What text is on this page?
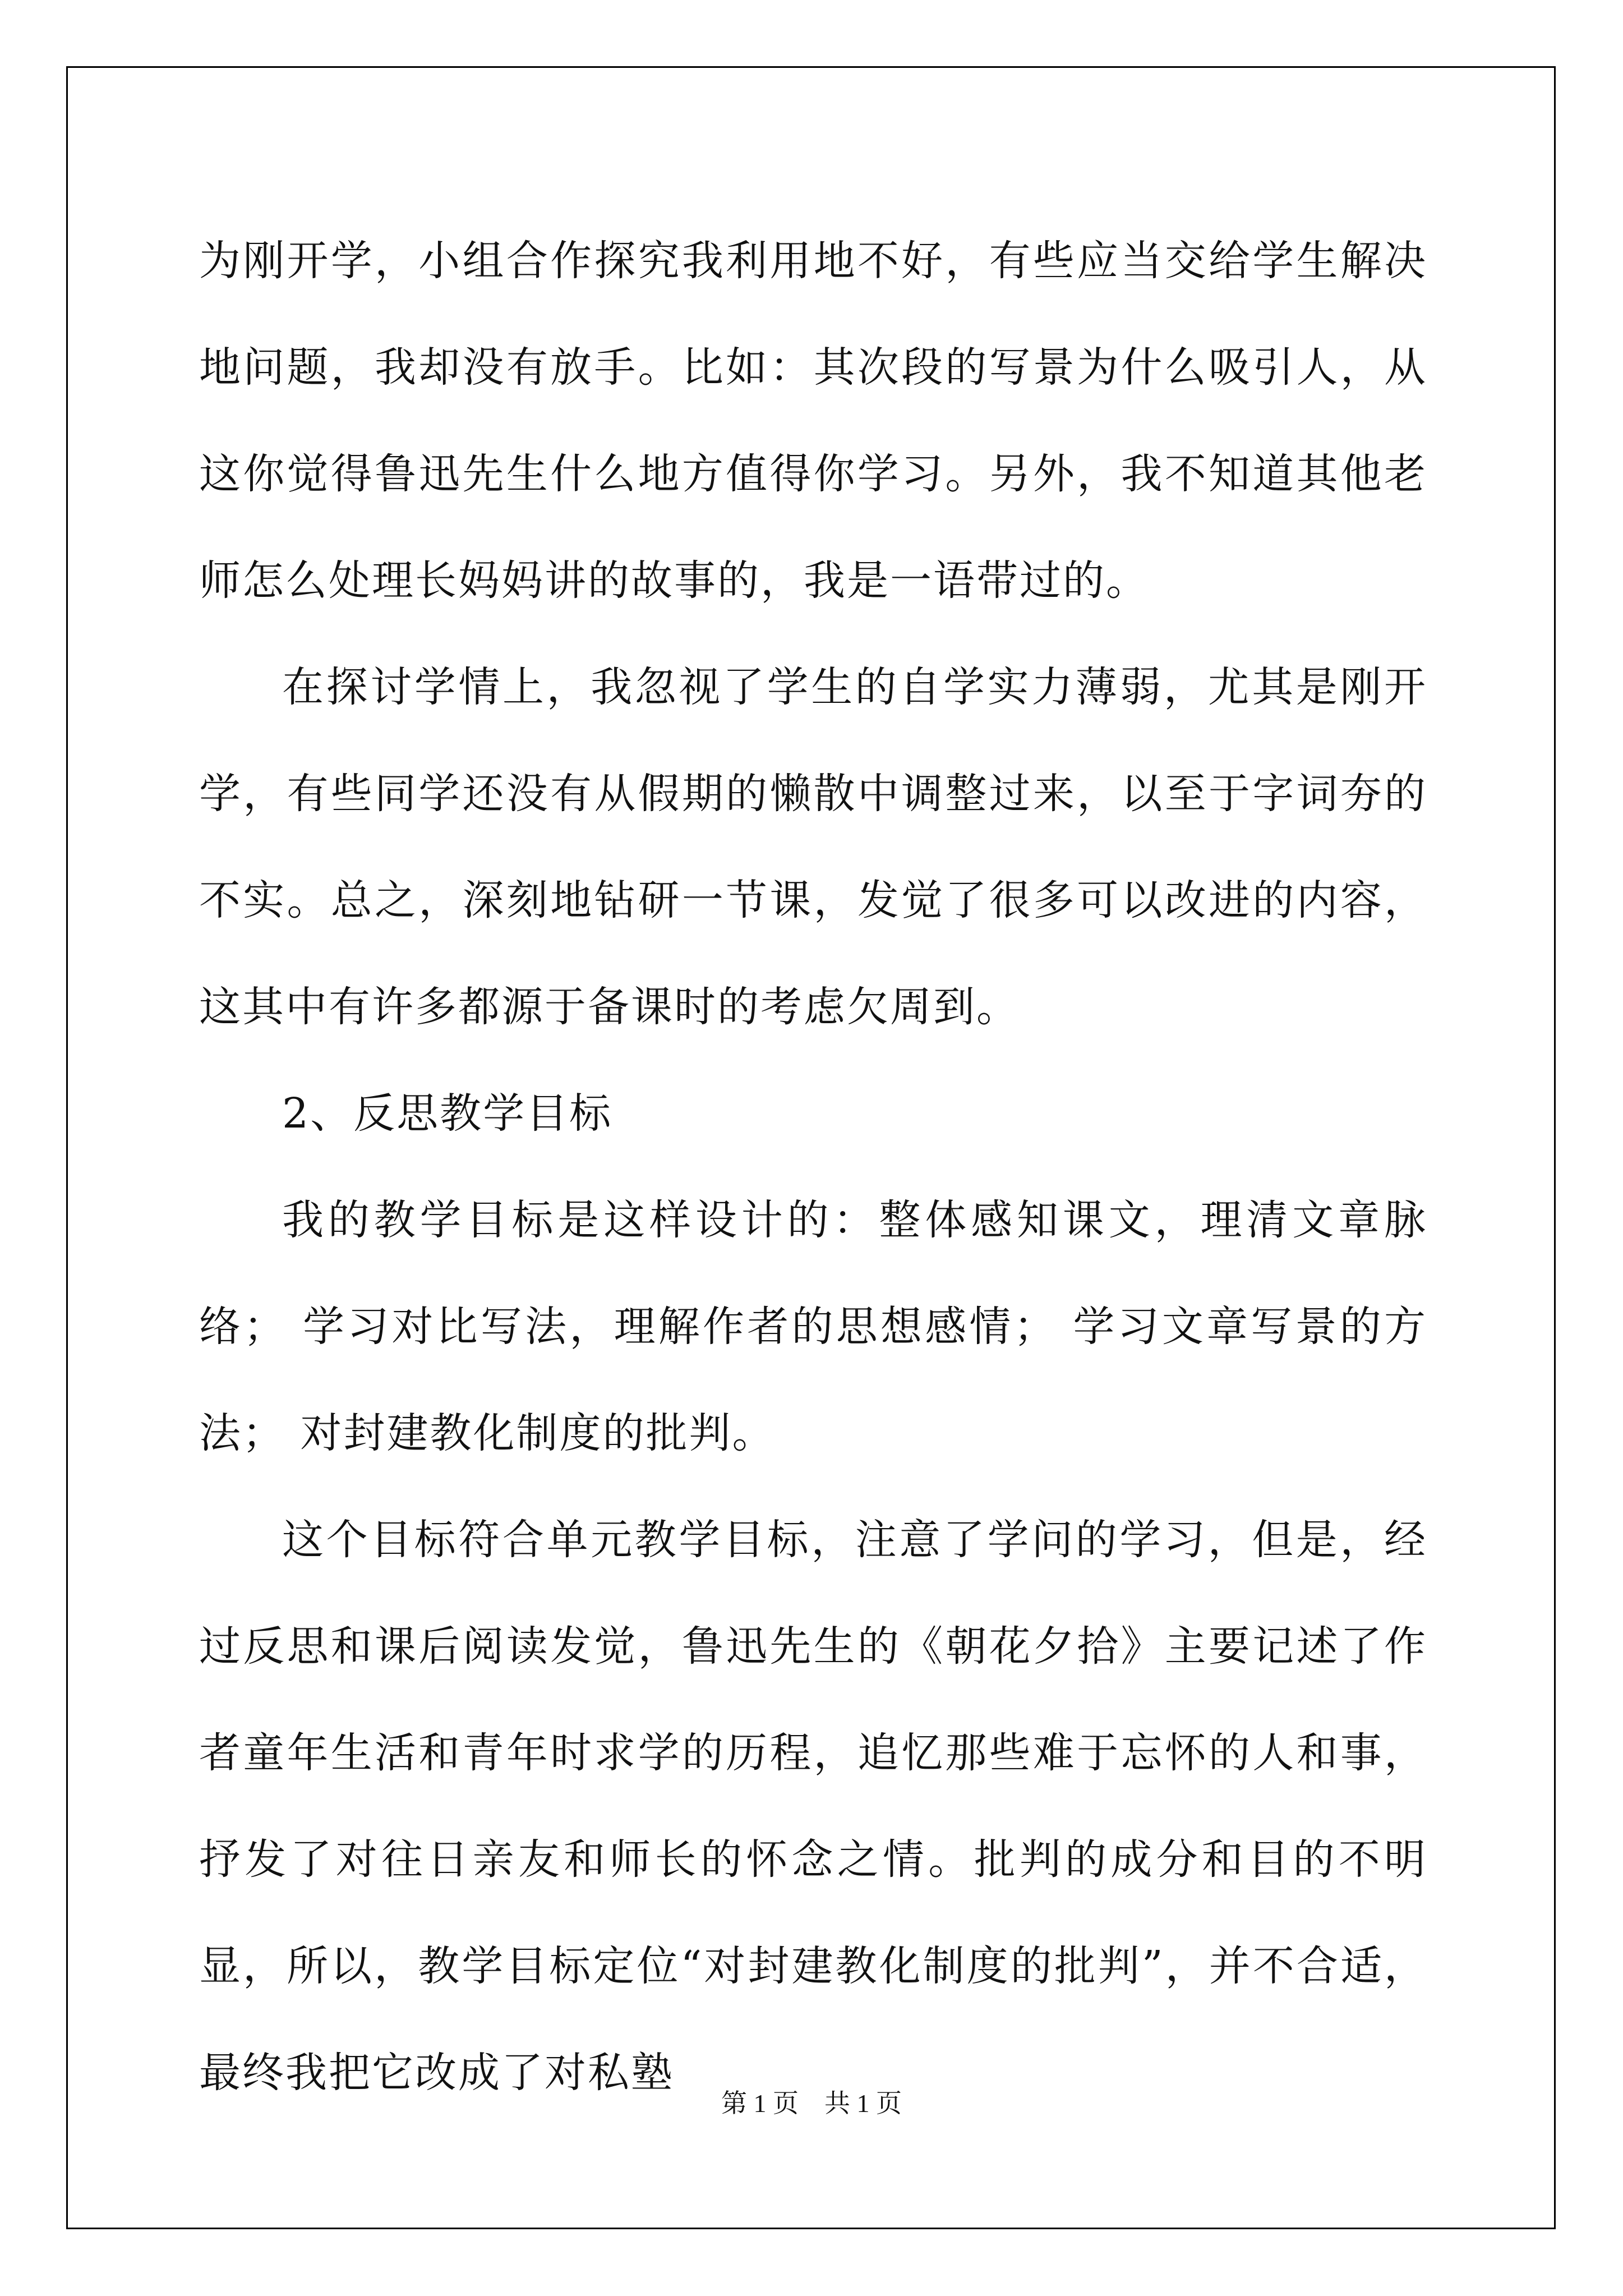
为刚开学，小组合作探究我利用地不好，有些应当交给学生解决地问题，我却没有放手。比如：其次段的写景为什么吸引人，从这你觉得鲁迅先生什么地方值得你学习。另外，我不知道其他老师怎么处理长妈妈讲的故事的，我是一语带过的。

在探讨学情上，我忽视了学生的自学实力薄弱，尤其是刚开学，有些同学还没有从假期的懒散中调整过来，以至于字词夯的不实。总之，深刻地钻研一节课，发觉了很多可以改进的内容，这其中有许多都源于备课时的考虑欠周到。

2、反思教学目标

我的教学目标是这样设计的：整体感知课文，理清文章脉络； 学习对比写法，理解作者的思想感情； 学习文章写景的方法； 对封建教化制度的批判。

这个目标符合单元教学目标，注意了学问的学习，但是，经过反思和课后阅读发觉，鲁迅先生的《朝花夕拾》主要记述了作者童年生活和青年时求学的历程，追忆那些难于忘怀的人和事，抒发了对往日亲友和师长的怀念之情。批判的成分和目的不明显，所以，教学目标定位“对封建教化制度的批判”，并不合适，最终我把它改成了对私塾

第 1 页 共 1 页
